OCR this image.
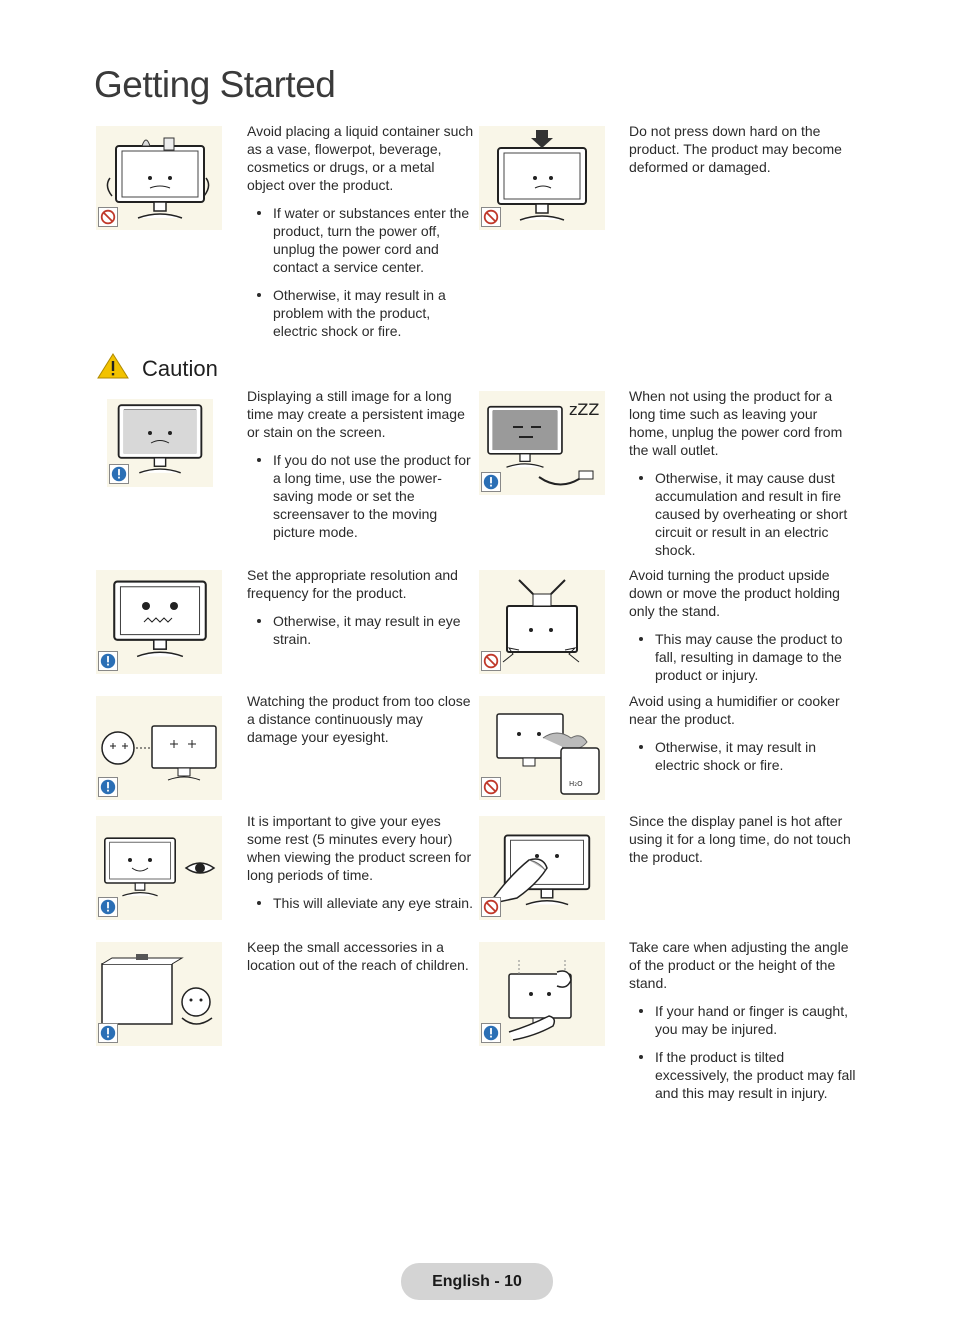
Getting Started

Avoid placing a liquid container such as a vase, flowerpot, beverage, cosmetics or drugs, or a metal object over the product.

If water or substances enter the product, turn the power off, unplug the power cord and contact a service center.
Otherwise, it may result in a problem with the product, electric shock or fire.

Do not press down hard on the product. The product may become deformed or damaged.

Caution

Displaying a still image for a long time may create a persistent image or stain on the screen.

If you do not use the product for a long time, use the power-saving mode or set the screensaver to the moving picture mode.
zZZ

When not using the product for a long time such as leaving your home, unplug the power cord from the wall outlet.

Otherwise, it may cause dust accumulation and result in fire caused by overheating or short circuit or result in an electric shock.

Set the appropriate resolution and frequency for the product.

Otherwise, it may result in eye strain.

Avoid turning the product upside down or move the product holding only the stand.

This may cause the product to fall, resulting in damage to the product or injury.

Watching the product from too close a distance continuously may damage your eyesight.

H₂O

Avoid using a humidifier or cooker near the product.

Otherwise, it may result in electric shock or fire.

It is important to give your eyes some rest (5 minutes every hour) when viewing the product screen for long periods of time.

This will alleviate any eye strain.

Since the display panel is hot after using it for a long time, do not touch the product.

Keep the small accessories in a location out of the reach of children.

Take care when adjusting the angle of the product or the height of the stand.

If your hand or finger is caught, you may be injured.
If the product is tilted excessively, the product may fall and this may result in injury.
English - 10
